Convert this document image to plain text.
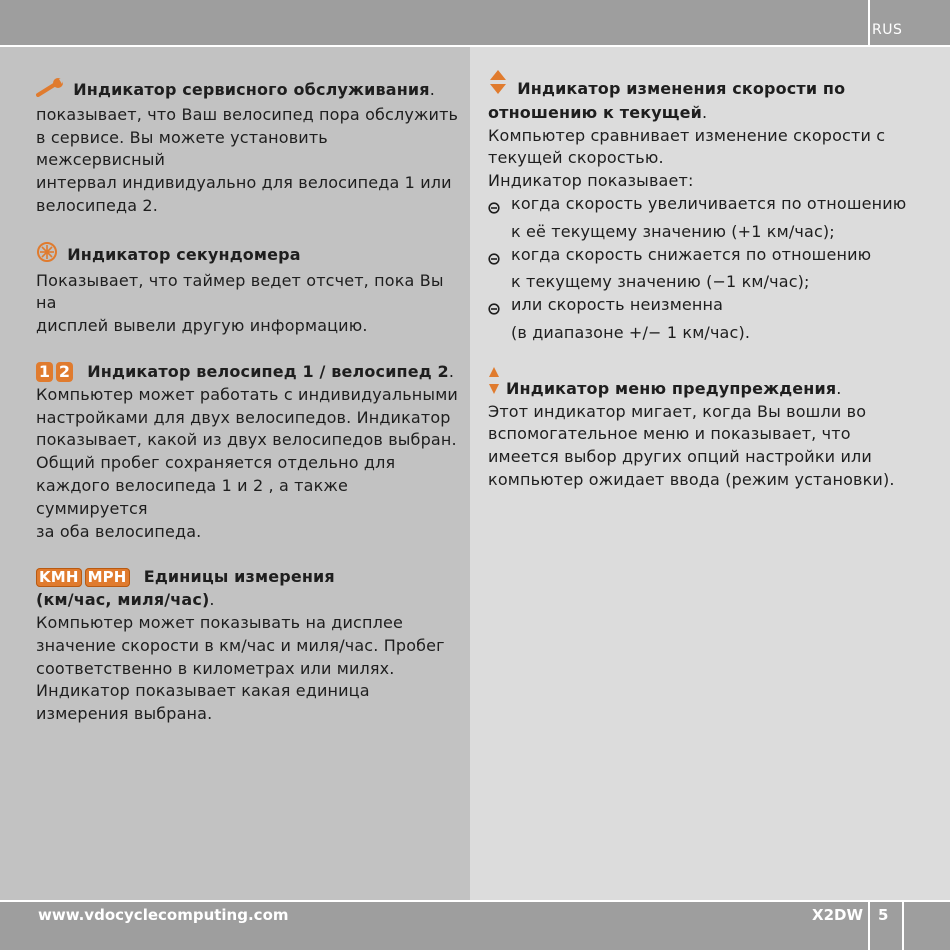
RUS
Индикатор сервисного обслуживания.
показывает, что Ваш велосипед пора обслужить
в сервисе. Вы можете установить межсервисный
интервал индивидуально для велосипеда 1 или
велосипеда 2.
Индикатор секундомера
Показывает, что таймер ведет отсчет, пока Вы на
дисплей вывели другую информацию.
1 2 Индикатор велосипед 1 / велосипед 2.
Компьютер может работать с индивидуальными
настройками для двух велосипедов. Индикатор
показывает, какой из двух велосипедов выбран.
Общий пробег сохраняется отдельно для
каждого велосипеда 1 и 2 , а также суммируется
за оба велосипеда.
KMH MPH Единицы измерения
(км/час, миля/час).
Компьютер может показывать на дисплее
значение скорости в км/час и миля/час. Пробег
соответственно в километрах или милях.
Индикатор показывает какая единица
измерения выбрана.
Индикатор изменения скорости по
отношению к текущей.
Компьютер сравнивает изменение скорости с
текущей скоростью.
Индикатор показывает:
когда скорость увеличивается по отношению
к её текущему значению (+1 км/час);
когда скорость снижается по отношению
к текущему значению (−1 км/час);
или скорость неизменна
(в диапазоне +/− 1 км/час).
Индикатор меню предупреждения.
Этот индикатор мигает, когда Вы вошли во
вспомогательное меню и показывает, что
имеется выбор других опций настройки или
компьютер ожидает ввода (режим установки).
www.vdocyclecomputing.com	X2DW 5
